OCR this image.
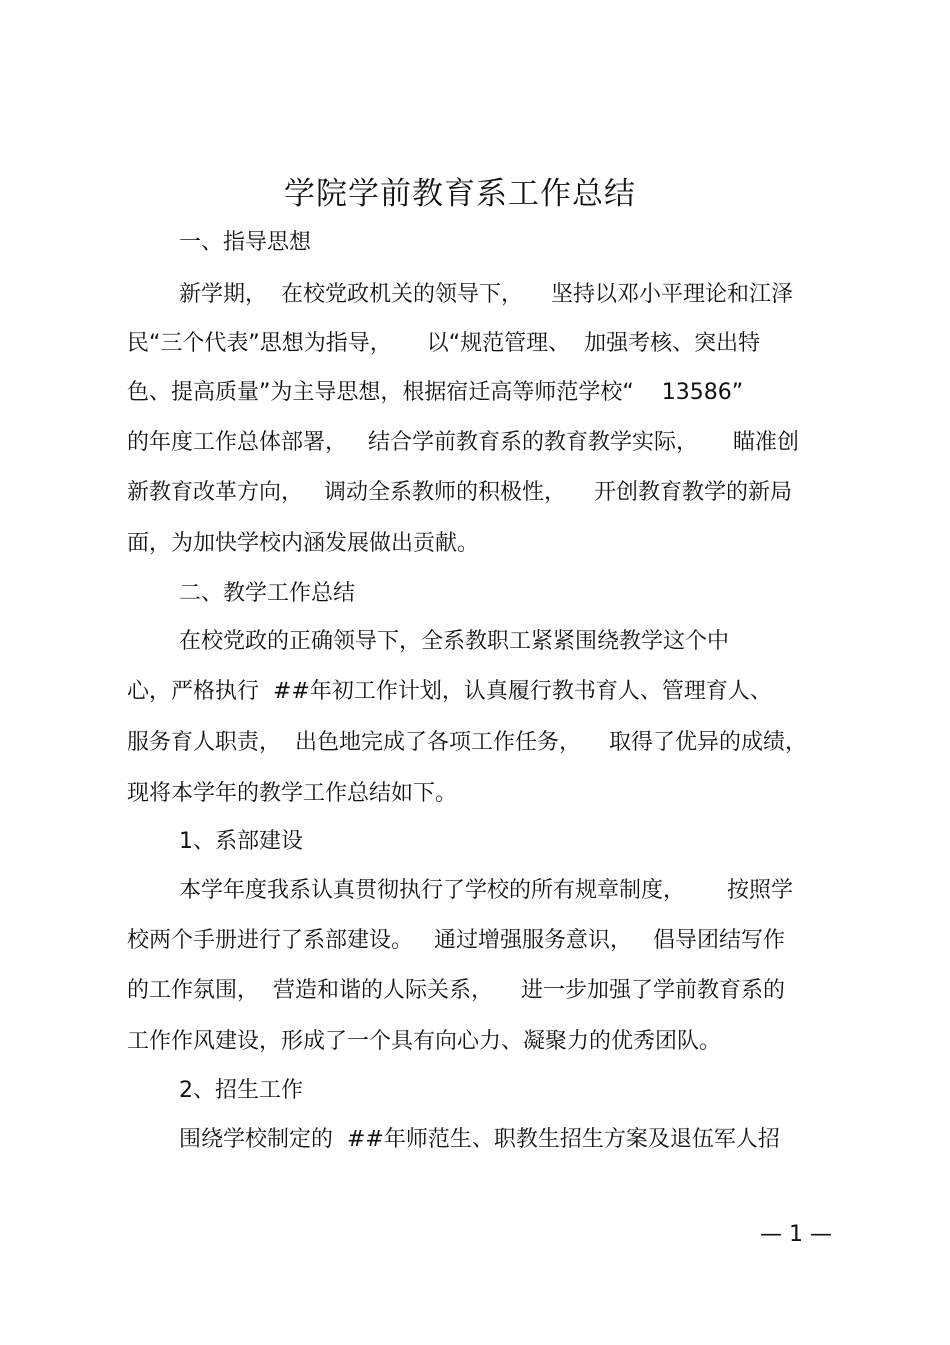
学院学前教育系工作总结
一、指导思想
新学期，  在校党政机关的领导下，    坚持以邓小平理论和江泽
民“三个代表”思想为指导，     以“规范管理、  加强考核、突出特
色、提高质量”为主导思想，根据宿迁高等师范学校“    13586”
的年度工作总体部署，   结合学前教育系的教育教学实际，     瞄准创
新教育改革方向，   调动全系教师的积极性，    开创教育教学的新局
面，为加快学校内涵发展做出贡献。
二、教学工作总结
在校党政的正确领导下，全系教职工紧紧围绕教学这个中
心，严格执行  ##年初工作计划，认真履行教书育人、管理育人、
服务育人职责，  出色地完成了各项工作任务，    取得了优异的成绩，
现将本学年的教学工作总结如下。
1、系部建设
本学年度我系认真贯彻执行了学校的所有规章制度，      按照学
校两个手册进行了系部建设。   通过增强服务意识，   倡导团结写作
的工作氛围，  营造和谐的人际关系，    进一步加强了学前教育系的
工作作风建设，形成了一个具有向心力、凝聚力的优秀团队。
2、招生工作
围绕学校制定的  ##年师范生、职教生招生方案及退伍军人招
— 1 —
